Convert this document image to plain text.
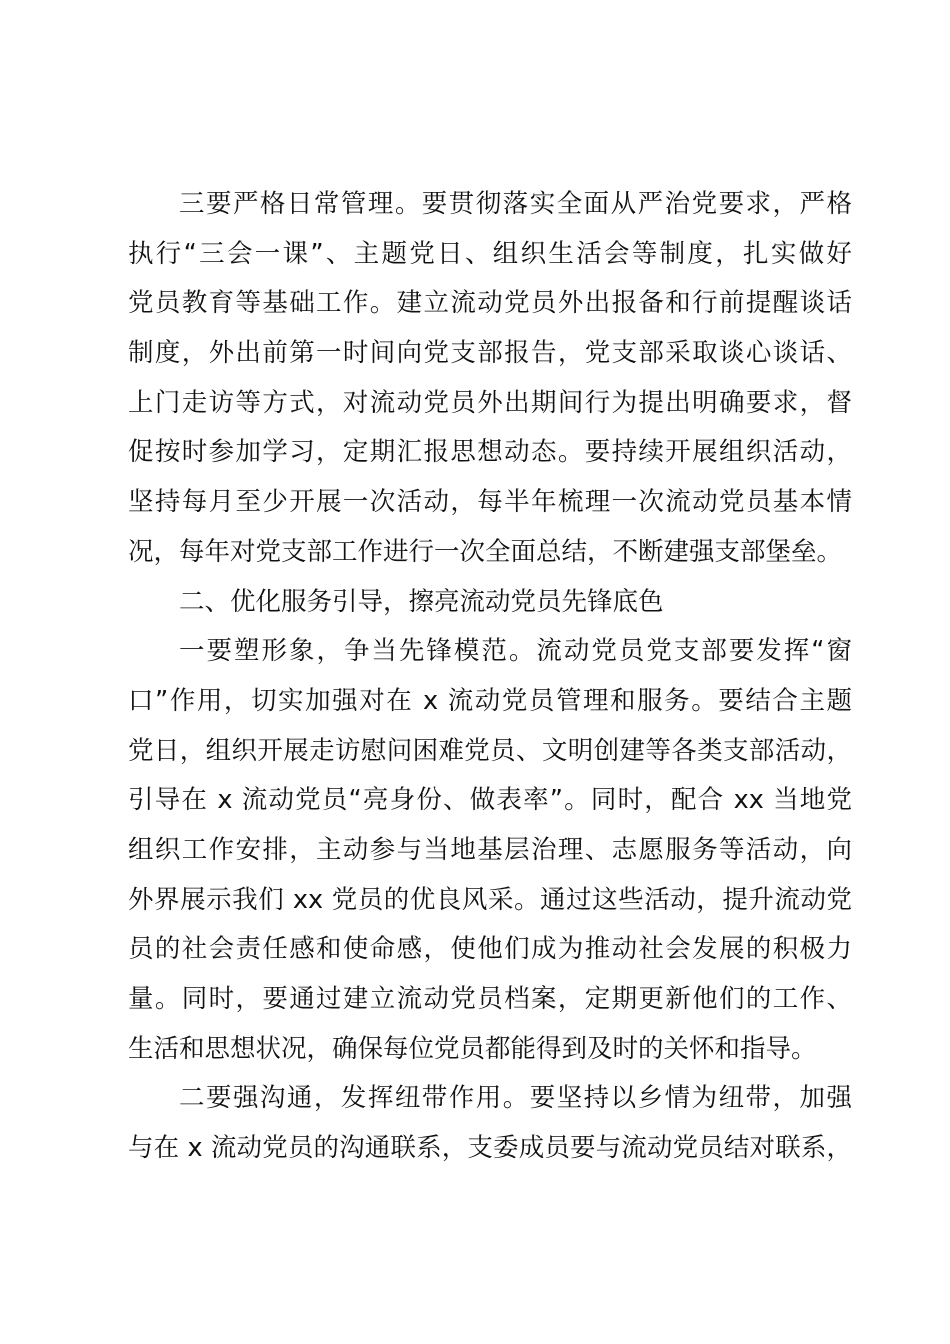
三要严格日常管理。要贯彻落实全面从严治党要求，严格
执行“三会一课”、主题党日、组织生活会等制度，扎实做好
党员教育等基础工作。建立流动党员外出报备和行前提醒谈话
制度，外出前第一时间向党支部报告，党支部采取谈心谈话、
上门走访等方式，对流动党员外出期间行为提出明确要求，督
促按时参加学习，定期汇报思想动态。要持续开展组织活动，
坚持每月至少开展一次活动，每半年梳理一次流动党员基本情
况，每年对党支部工作进行一次全面总结，不断建强支部堡垒。
二、优化服务引导，擦亮流动党员先锋底色
一要塑形象，争当先锋模范。流动党员党支部要发挥“窗
口”作用，切实加强对在 x 流动党员管理和服务。要结合主题
党日，组织开展走访慰问困难党员、文明创建等各类支部活动，
引导在 x 流动党员“亮身份、做表率”。同时，配合 xx 当地党
组织工作安排，主动参与当地基层治理、志愿服务等活动，向
外界展示我们 xx 党员的优良风采。通过这些活动，提升流动党
员的社会责任感和使命感，使他们成为推动社会发展的积极力
量。同时，要通过建立流动党员档案，定期更新他们的工作、
生活和思想状况，确保每位党员都能得到及时的关怀和指导。
二要强沟通，发挥纽带作用。要坚持以乡情为纽带，加强
与在 x 流动党员的沟通联系，支委成员要与流动党员结对联系，
